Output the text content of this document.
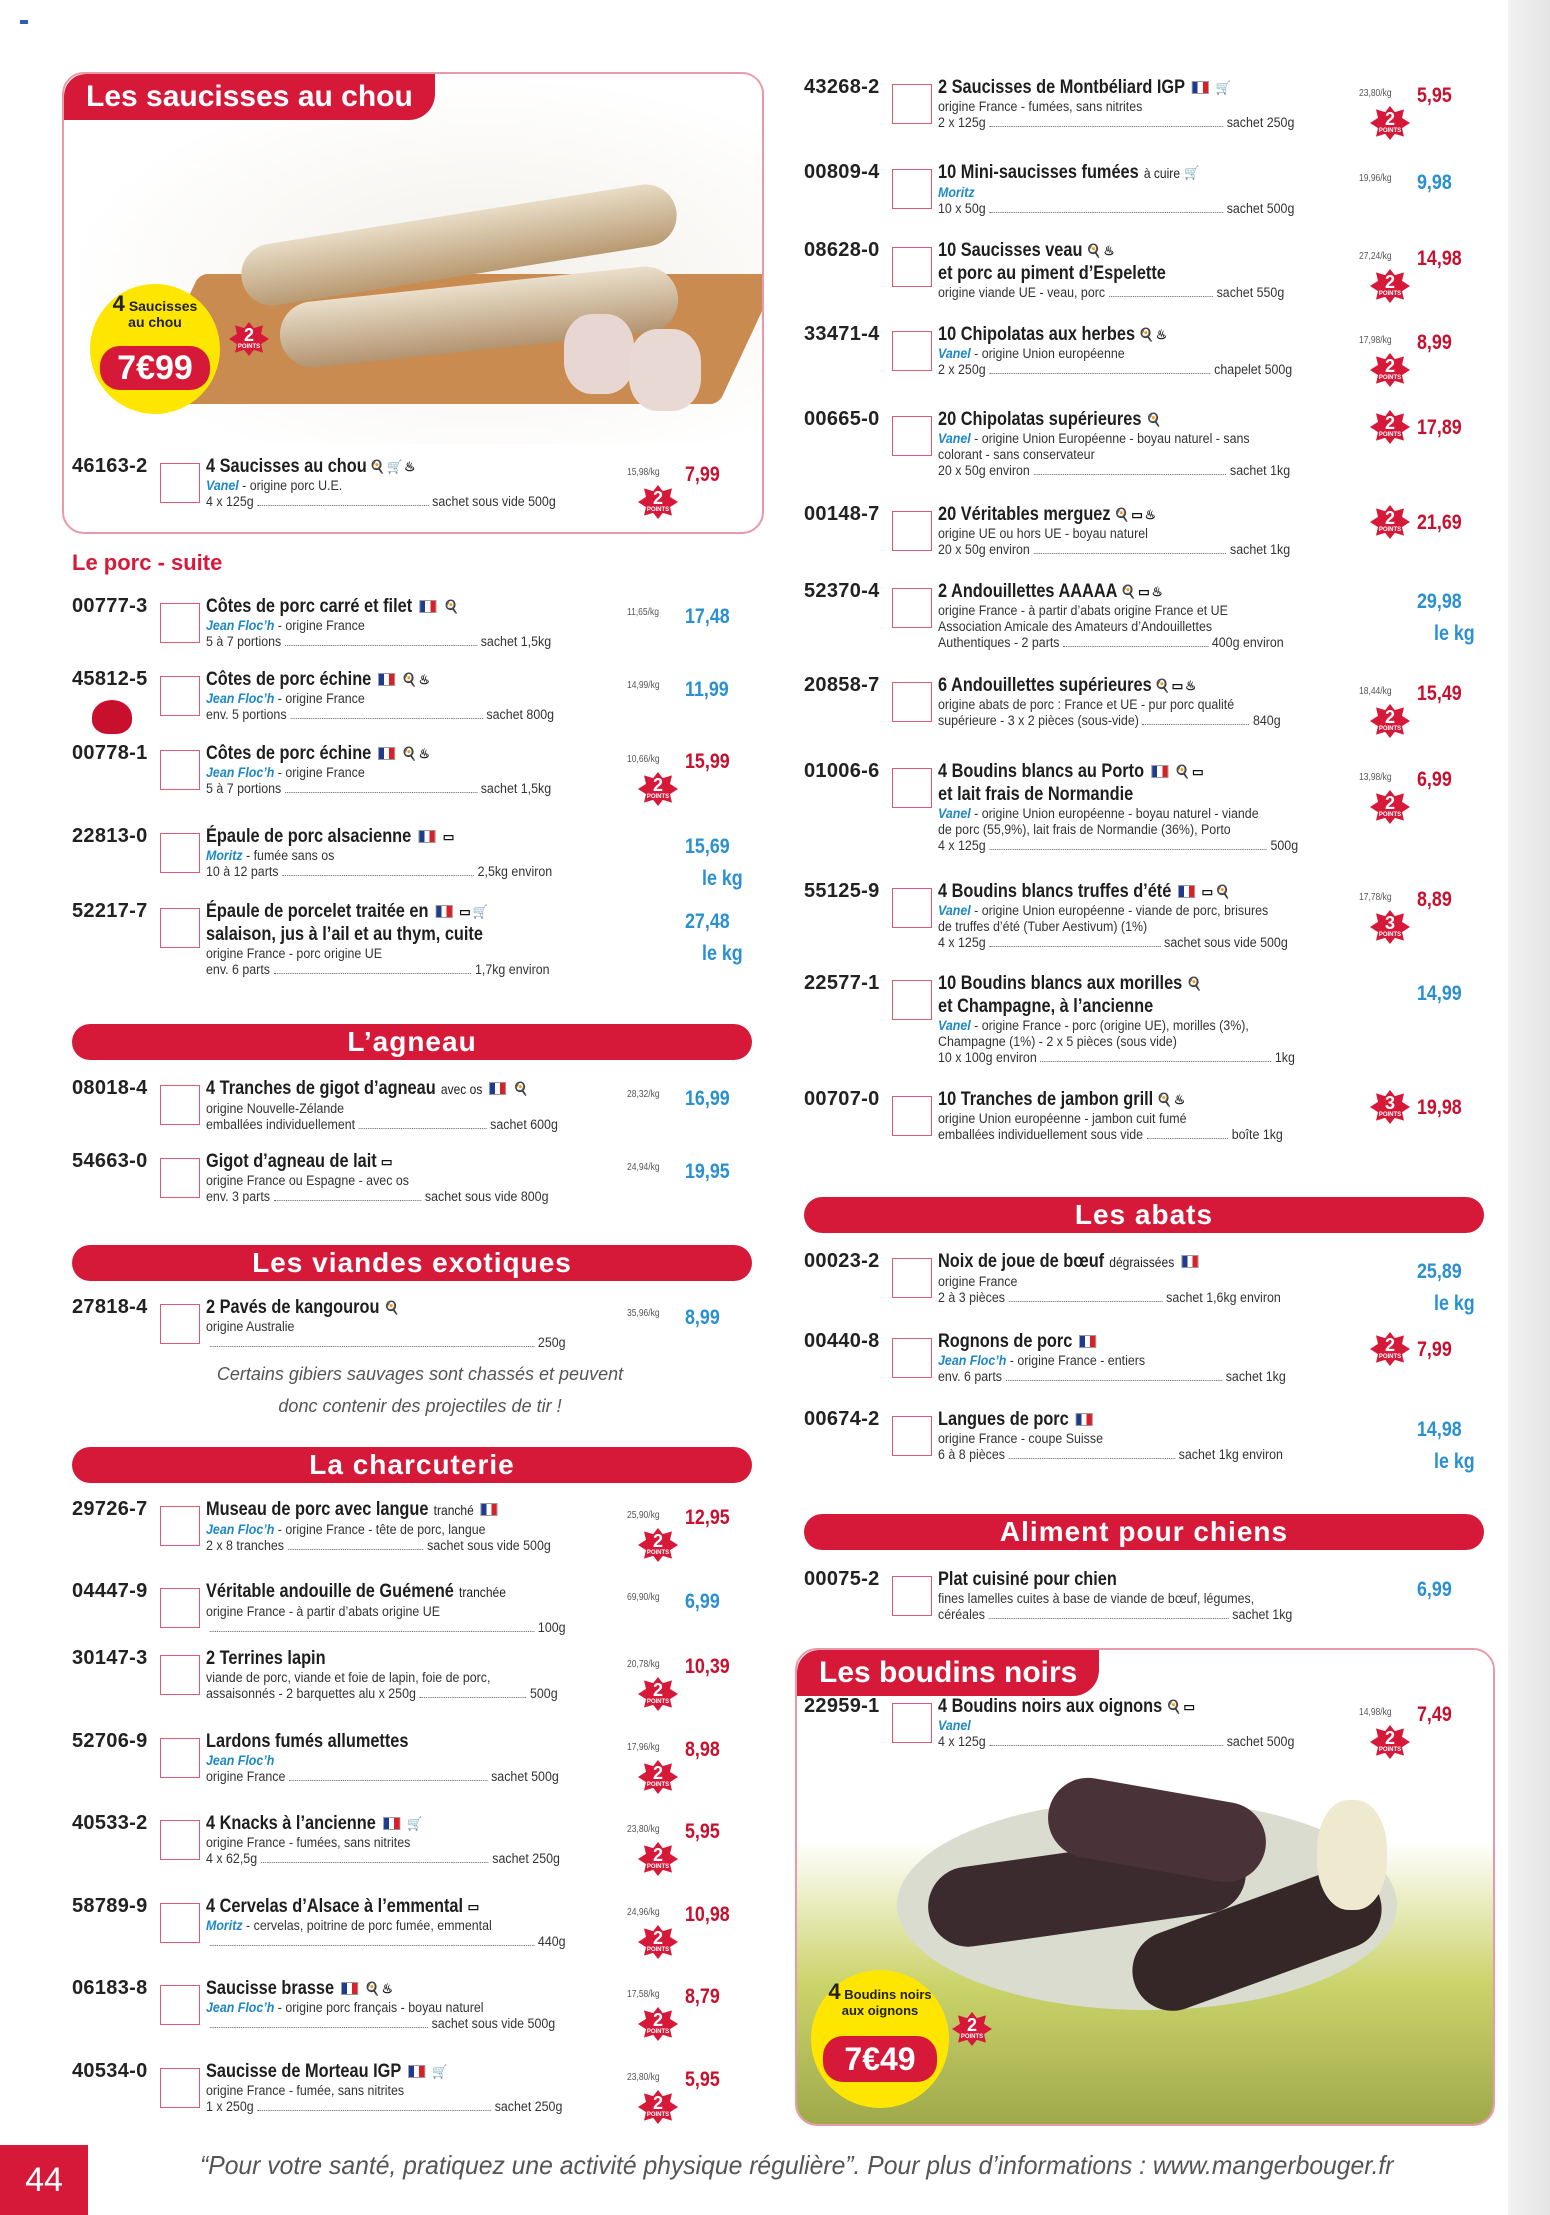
Les saucisses au chou
4 Saucisses
au chou
7€99
2
POINTS
Les boudins noirs
4 Boudins noirs
aux oignons
7€49
2
POINTS
Le porc - suite
L’agneau
Les viandes exotiques
La charcuterie
Les abats
Aliment pour chiens
Certains gibiers sauvages sont chassés et peuvent donc contenir des projectiles de tir !
46163-2	4 Saucisses au chou 🍳🛒♨
Vanel - origine porc U.E.
4 x 125g	sachet sous vide 500g
15,98/kg 7,99
2
POINTS
00777-3	Côtes de porc carré et filet 🍳
Jean Floc’h - origine France
5 à 7 portions	sachet 1,5kg
11,65/kg 17,48
45812-5	Côtes de porc échine 🍳♨
Jean Floc’h - origine France
env. 5 portions	sachet 800g
14,99/kg 11,99
00778-1	Côtes de porc échine 🍳♨
Jean Floc’h - origine France
5 à 7 portions	sachet 1,5kg
10,66/kg 15,99
2
POINTS
22813-0	Épaule de porc alsacienne ▭
Moritz - fumée sans os
10 à 12 parts	2,5kg environ
15,69
le kg
52217-7	Épaule de porcelet traitée en ▭🛒
salaison, jus à l’ail et au thym, cuite
origine France - porc origine UE
env. 6 parts	1,7kg environ
27,48
le kg
08018-4	4 Tranches de gigot d’agneau avec os 🍳
origine Nouvelle-Zélande
emballées individuellement	sachet 600g
28,32/kg 16,99
54663-0	Gigot d’agneau de lait ▭
origine France ou Espagne - avec os
env. 3 parts	sachet sous vide 800g
24,94/kg 19,95
27818-4	2 Pavés de kangourou 🍳
origine Australie
250g
35,96/kg 8,99
29726-7	Museau de porc avec langue tranché
Jean Floc’h - origine France - tête de porc, langue
2 x 8 tranches	sachet sous vide 500g
25,90/kg 12,95
2
POINTS
04447-9	Véritable andouille de Guémené tranchée
origine France - à partir d’abats origine UE
100g
69,90/kg 6,99
30147-3	2 Terrines lapin
viande de porc, viande et foie de lapin, foie de porc,
assaisonnés - 2 barquettes alu x 250g	500g
20,78/kg 10,39
2
POINTS
52706-9	Lardons fumés allumettes
Jean Floc’h
origine France	sachet 500g
17,96/kg 8,98
2
POINTS
40533-2	4 Knacks à l’ancienne 🛒
origine France - fumées, sans nitrites
4 x 62,5g	sachet 250g
23,80/kg 5,95
2
POINTS
58789-9	4 Cervelas d’Alsace à l’emmental ▭
Moritz - cervelas, poitrine de porc fumée, emmental
440g
24,96/kg 10,98
2
POINTS
06183-8	Saucisse brasse 🍳♨
Jean Floc’h - origine porc français - boyau naturel
sachet sous vide 500g
17,58/kg 8,79
2
POINTS
40534-0	Saucisse de Morteau IGP 🛒
origine France - fumée, sans nitrites
1 x 250g	sachet 250g
23,80/kg 5,95
2
POINTS
43268-2	2 Saucisses de Montbéliard IGP 🛒
origine France - fumées, sans nitrites
2 x 125g	sachet 250g
23,80/kg 5,95
2
POINTS
00809-4	10 Mini-saucisses fumées à cuire 🛒
Moritz
10 x 50g	sachet 500g
19,96/kg 9,98
08628-0	10 Saucisses veau 🍳♨
et porc au piment d’Espelette
origine viande UE - veau, porc	sachet 550g
27,24/kg 14,98
2
POINTS
33471-4	10 Chipolatas aux herbes 🍳♨
Vanel - origine Union européenne
2 x 250g	chapelet 500g
17,98/kg 8,99
2
POINTS
00665-0	20 Chipolatas supérieures 🍳
Vanel - origine Union Européenne - boyau naturel - sans
colorant - sans conservateur
20 x 50g environ	sachet 1kg
17,89
2
POINTS
00148-7	20 Véritables merguez 🍳▭♨
origine UE ou hors UE - boyau naturel
20 x 50g environ	sachet 1kg
21,69
2
POINTS
52370-4	2 Andouillettes AAAAA 🍳▭♨
origine France - à partir d’abats origine France et UE
Association Amicale des Amateurs d’Andouillettes
Authentiques - 2 parts	400g environ
29,98
le kg
20858-7	6 Andouillettes supérieures 🍳▭♨
origine abats de porc : France et UE - pur porc qualité
supérieure - 3 x 2 pièces (sous-vide)	840g
18,44/kg 15,49
2
POINTS
01006-6	4 Boudins blancs au Porto 🍳▭
et lait frais de Normandie
Vanel - origine Union européenne - boyau naturel - viande
de porc (55,9%), lait frais de Normandie (36%), Porto
4 x 125g	500g
13,98/kg 6,99
2
POINTS
55125-9	4 Boudins blancs truffes d’été ▭🍳
Vanel - origine Union européenne - viande de porc, brisures
de truffes d’été (Tuber Aestivum) (1%)
4 x 125g	sachet sous vide 500g
17,78/kg 8,89
3
POINTS
22577-1	10 Boudins blancs aux morilles 🍳
et Champagne, à l’ancienne
Vanel - origine France - porc (origine UE), morilles (3%),
Champagne (1%) - 2 x 5 pièces (sous vide)
10 x 100g environ	1kg
14,99
00707-0	10 Tranches de jambon grill 🍳♨
origine Union européenne - jambon cuit fumé
emballées individuellement sous vide	boîte 1kg
19,98
3
POINTS
00023-2	Noix de joue de bœuf dégraissées
origine France
2 à 3 pièces	sachet 1,6kg environ
25,89
le kg
00440-8	Rognons de porc
Jean Floc’h - origine France - entiers
env. 6 parts	sachet 1kg
7,99
2
POINTS
00674-2	Langues de porc
origine France - coupe Suisse
6 à 8 pièces	sachet 1kg environ
14,98
le kg
00075-2	Plat cuisiné pour chien
fines lamelles cuites à base de viande de bœuf, légumes,
céréales	sachet 1kg
6,99
22959-1	4 Boudins noirs aux oignons 🍳▭
Vanel
4 x 125g	sachet 500g
14,98/kg 7,49
2
POINTS
44	“Pour votre santé, pratiquez une activité physique régulière”. Pour plus d’informations : www.mangerbouger.fr
